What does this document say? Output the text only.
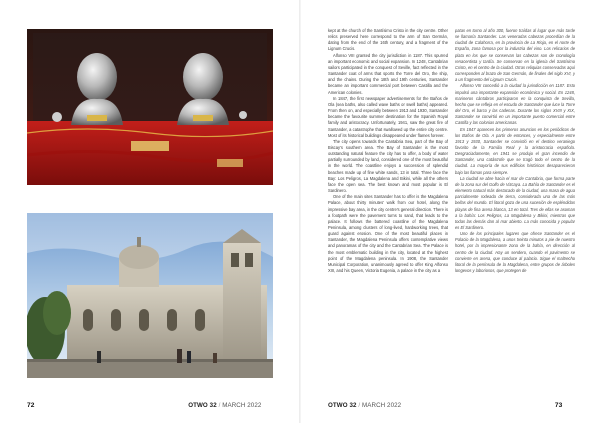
72	OTWO 32 / MARCH 2022	OTWO 32 / MARCH 2022	73

kept at the church of the Santísimo Cristo in the city centre. Other relics preserved here correspond to the arm of San Germán, dating from the end of the 16th century, and a fragment of the Lignum Crucis.

Alfonso VIII granted the city jurisdiction in 1187. This spurred an important economic and social expansion. In 1248, Cantabrian sailors participated in the conquest of Seville, fact reflected in the Santander coat of arms that sports the Torre del Oro, the ship, and the chains. During the 18th and 19th centuries, Santander became an important commercial port between Castilla and the American colonies.

In 1847, the first newspaper advertisements for the Baños de Ola (sea baths, also called wave baths or swell baths) appeared. From then on, and especially between 1913 and 1930, Santander became the favourite summer destination for the Spanish Royal family and aristocracy. Unfortunately, 1941, saw the great fire of Santander, a catastrophe that swallowed up the entire city centre. Most of its historical buildings disappeared under flames forever.

The city opens towards the Cantabria Sea, part of the Bay of Biscay's southern area. The Bay of Santander is the most outstanding natural feature the city has to offer, a body of water partially surrounded by land, considered one of the most beautiful in the world. The coastline enjoys a succession of splendid beaches made up of fine white sands, 13 in total. Three face the Bay: Los Peligros, La Magdalena and Bikini, while all the others face the open sea. The best known and most popular is El Sardinero.

One of the main sites Santander has to offer is the Magdalena Palace, about thirty minutes' walk from our hotel, along the impressive bay area, in the city centre's general direction. There is a footpath were the pavement turns to sand, that leads to the palace. It follows the battered coastline of the Magdalena Peninsula, among clusters of long-lived, hardworking trees, that guard against erosion. One of the most beautiful places in Santander, the Magdalena Peninsula offers contemplative views and panoramas of the city and the Cantabrian Sea. The Palace is the most emblematic building in the city, located at the highest point of the Magdalena peninsula. In 1908, the Santander Municipal Corporation, unanimously agreed to offer King Alfonso XIII, and his Queen, Victoria Eugenia, a palace in the city as a

patas en torno al año 300, fueron traídas al lugar que más tarde se llamaría Santander. Las veneradas cabezas procedían de la ciudad de Calahorra, en la provincia de La Rioja, en el norte de España, zona famosa por la industria del vino. Los relicarios de plata en los que se conservan las cabezas son de cronología renacentista y tardía. Se conservan en la iglesia del Santísimo Cristo, en el centro de la ciudad. Otras reliquias conservadas aquí corresponden al brazo de San Germán, de finales del siglo XVI, y a un fragmento del Lignum Crucis.

Alfonso VIII concedió a la ciudad la jurisdicción en 1187. Esto impulsó una importante expansión económica y social. En 1248, marineros cántabros participaron en la conquista de Sevilla, hecho que se refleja en el escudo de Santander que luce la Torre del Oro, el barco y las cadenas. Durante los siglos XVIII y XIX, Santander se convirtió en un importante puerto comercial entre Castilla y las colonias americanas.

En 1847 aparecen los primeros anuncios en los periódicos de los Baños de Ola. A partir de entonces, y especialmente entre 1913 y 1930, Santander se convirtió en el destino veraniego favorito de la Familia Real y la aristocracia española. Desgraciadamente, en 1941 se produjo el gran incendio de Santander, una catástrofe que se tragó todo el centro de la ciudad. La mayoría de sus edificios históricos desaparecieron bajo las llamas para siempre.

La ciudad se abre hacia el mar de Cantabria, que forma parte de la zona sur del Golfo de Vizcaya. La Bahía de Santander es el elemento natural más destacado de la ciudad, una masa de agua parcialmente rodeada de tierra, considerada una de las más bellas del mundo. El litoral goza de una sucesión de espléndidas playas de fina arena blanca, 13 en total. Tres de ellas se asoman a la bahía: Los Peligros, La Magdalena y Bikini, mientras que todas las demás dan al mar abierto. La más conocida y popular es El Sardinero.

Uno de los principales lugares que ofrece Santander es el Palacio de la Magdalena, a unos treinta minutos a pie de nuestro hotel, por la impresionante zona de la bahía, en dirección al centro de la ciudad. Hay un sendero, cuando el pavimento se convierte en arena, que conduce al palacio. Sigue el maltrecho litoral de la península de la Magdalena, entre grupos de árboles longevos y laboriosos, que protegen de
